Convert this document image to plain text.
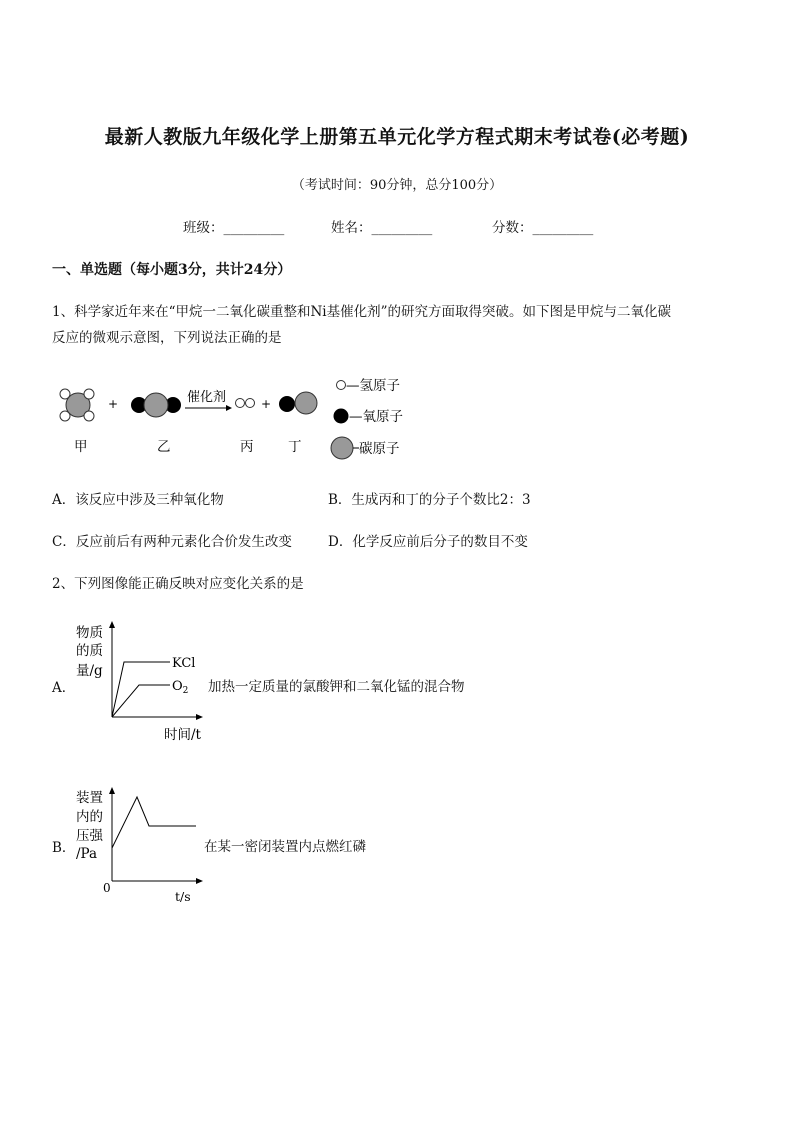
最新人教版九年级化学上册第五单元化学方程式期末考试卷(必考题)
（考试时间：90分钟，总分100分）
班级：_________	姓名：_________	分数：_________
一、单选题（每小题3分，共计24分）
1、科学家近年来在“甲烷一二氧化碳重整和Ni基催化剂”的研究方面取得突破。如下图是甲烷与二氧化碳
反应的微观示意图，下列说法正确的是
+	催化剂	+
甲	乙	丙	丁
—氢原子
—氧原子
碳原子
A．该反应中涉及三种氧化物	B．生成丙和丁的分子个数比2：3
C．反应前后有两种元素化合价发生改变	D．化学反应前后分子的数目不变
2、下列图像能正确反映对应变化关系的是
A．
物质
的质
量/g	KCl
$O_2$
时间/t
加热一定质量的氯酸钾和二氧化锰的混合物
B．
装置
内的
压强
/Pa
0
t/s
在某一密闭装置内点燃红磷
